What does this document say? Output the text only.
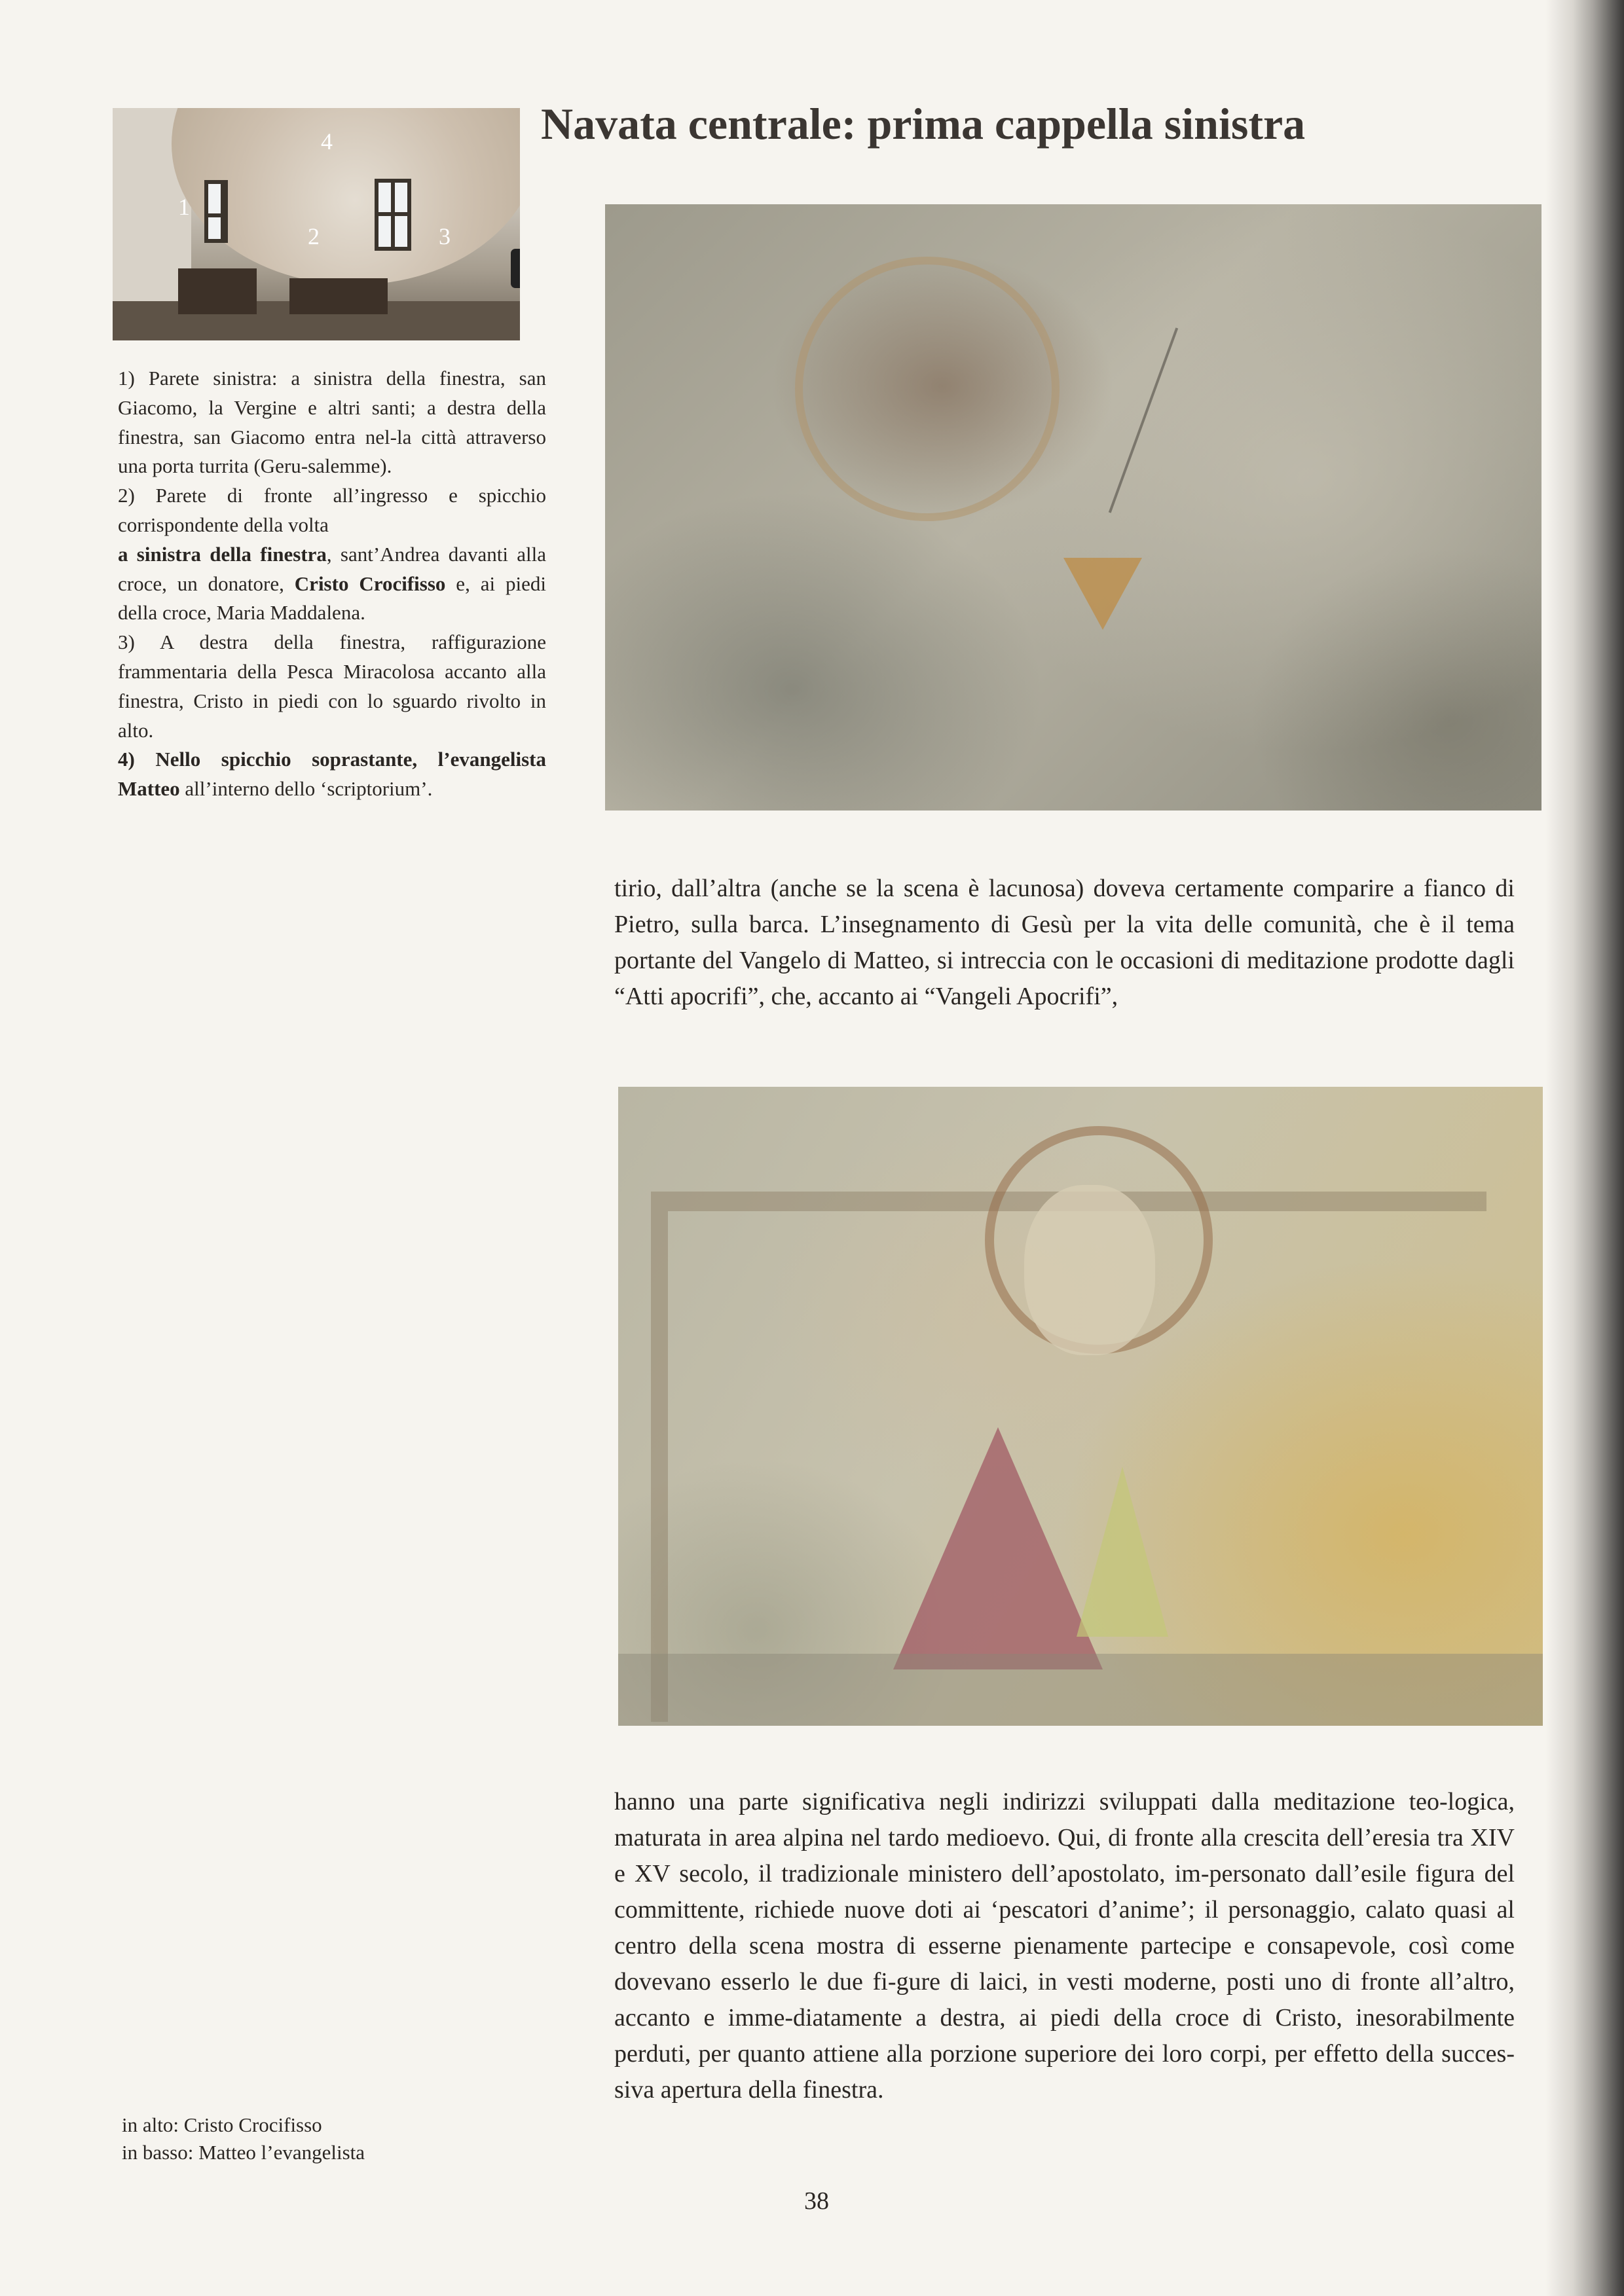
4
1
2	3
Navata centrale: prima cappella sinistra

1) Parete sinistra: a sinistra della finestra, san Giacomo, la Vergine e altri santi; a destra della finestra, san Giacomo entra nel-la città attraverso una porta turrita (Geru-salemme).

2) Parete di fronte all’ingresso e spicchio corrispondente della volta
a sinistra della finestra, sant’Andrea davanti alla croce, un donatore, Cristo Crocifisso e, ai piedi della croce, Maria Maddalena.

3) A destra della finestra, raffigurazione frammentaria della Pesca Miracolosa accanto alla finestra, Cristo in piedi con lo sguardo rivolto in alto.

4) Nello spicchio soprastante, l’evangelista Matteo all’interno dello ‘scriptorium’.

tirio, dall’altra (anche se la scena è lacunosa) doveva certamente comparire a fianco di Pietro, sulla barca. L’insegnamento di Gesù per la vita delle comunità, che è il tema portante del Vangelo di Matteo, si intreccia con le occasioni di meditazione prodotte dagli “Atti apocrifi”, che, accanto ai “Vangeli Apocrifi”,

hanno una parte significativa negli indirizzi sviluppati dalla meditazione teo-logica, maturata in area alpina nel tardo medioevo. Qui, di fronte alla crescita dell’eresia tra XIV e XV secolo, il tradizionale ministero dell’apostolato, im-personato dall’esile figura del committente, richiede nuove doti ai ‘pescatori d’anime’; il personaggio, calato quasi al centro della scena mostra di esserne pienamente partecipe e consapevole, così come dovevano esserlo le due fi-gure di laici, in vesti moderne, posti uno di fronte all’altro, accanto e imme-diatamente a destra, ai piedi della croce di Cristo, inesorabilmente perduti, per quanto attiene alla porzione superiore dei loro corpi, per effetto della succes-siva apertura della finestra.

in alto: Cristo Crocifisso
in basso: Matteo l’evangelista
38
